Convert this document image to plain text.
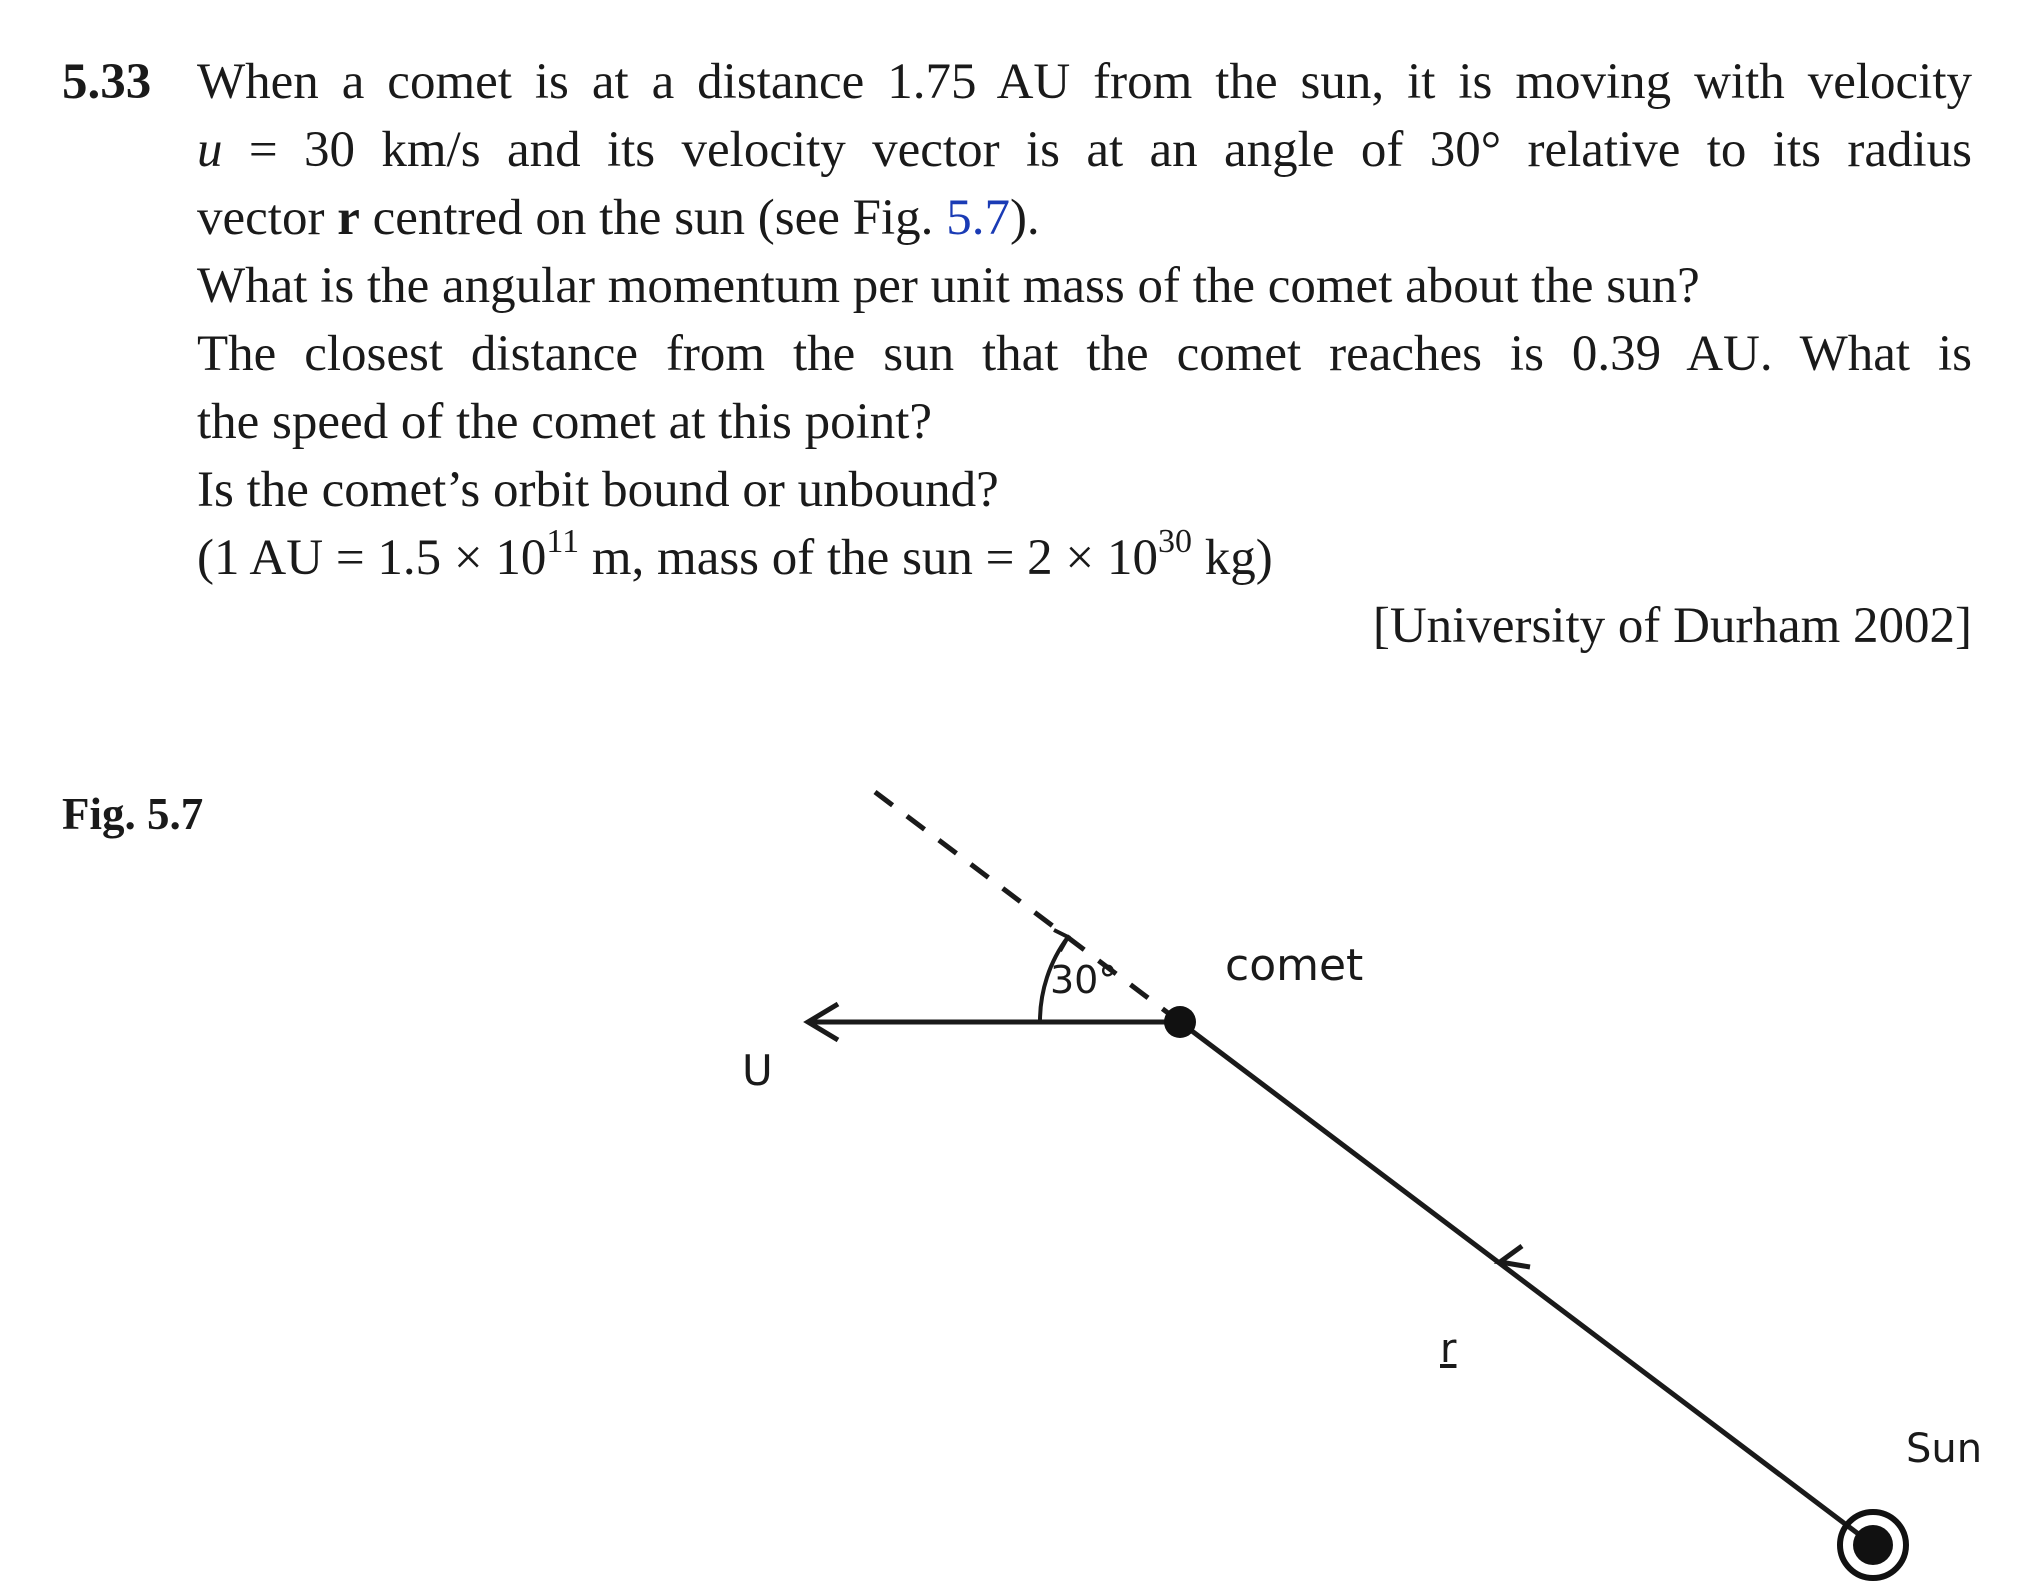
5.33 When a comet is at a distance 1.75 AU from the sun, it is moving with velocity
u = 30 km/s and its velocity vector is at an angle of 30° relative to its radius
vector r centred on the sun (see Fig. 5.7).
What is the angular momentum per unit mass of the comet about the sun?
The closest distance from the sun that the comet reaches is 0.39 AU. What is
the speed of the comet at this point?
Is the comet’s orbit bound or unbound?
(1 AU = $1.5 \times 10^{11}$ m, mass of the sun = $2 \times 10^{30}$ kg)
[University of Durham 2002]
Fig. 5.7
30° comet
U
r
Sun
